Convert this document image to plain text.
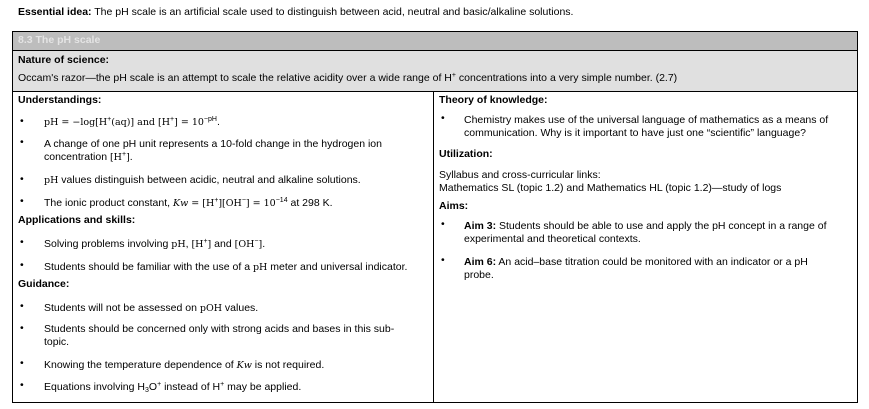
Essential idea: The pH scale is an artificial scale used to distinguish between acid, neutral and basic/alkaline solutions.
8.3 The pH scale
Nature of science:
Occam's razor—the pH scale is an attempt to scale the relative acidity over a wide range of H+ concentrations into a very simple number. (2.7)
Understandings:
• pH = −log[H+(aq)] and $[H^+] = 10^{-pH}$.
• A change of one pH unit represents a 10-fold change in the hydrogen ion
concentration [H+].
• pH values distinguish between acidic, neutral and alkaline solutions.
• The ionic product constant, $Kw = [H^+][OH^-] = 10^{-14}$ at 298 K.
Applications and skills:
• Solving problems involving pH, [H+] and [OH−].
• Students should be familiar with the use of a pH meter and universal indicator.
Guidance:
• Students will not be assessed on pOH values.
• Students should be concerned only with strong acids and bases in this sub-
topic.
• Knowing the temperature dependence of Kw is not required.
• Equations involving $H_3O^+$ instead of H+ may be applied.
Theory of knowledge:
• Chemistry makes use of the universal language of mathematics as a means of
communication. Why is it important to have just one “scientific” language?
Utilization:
Syllabus and cross-curricular links:
Mathematics SL (topic 1.2) and Mathematics HL (topic 1.2)—study of logs
Aims:
• Aim 3: Students should be able to use and apply the pH concept in a range of
experimental and theoretical contexts.
• Aim 6: An acid–base titration could be monitored with an indicator or a pH
probe.
